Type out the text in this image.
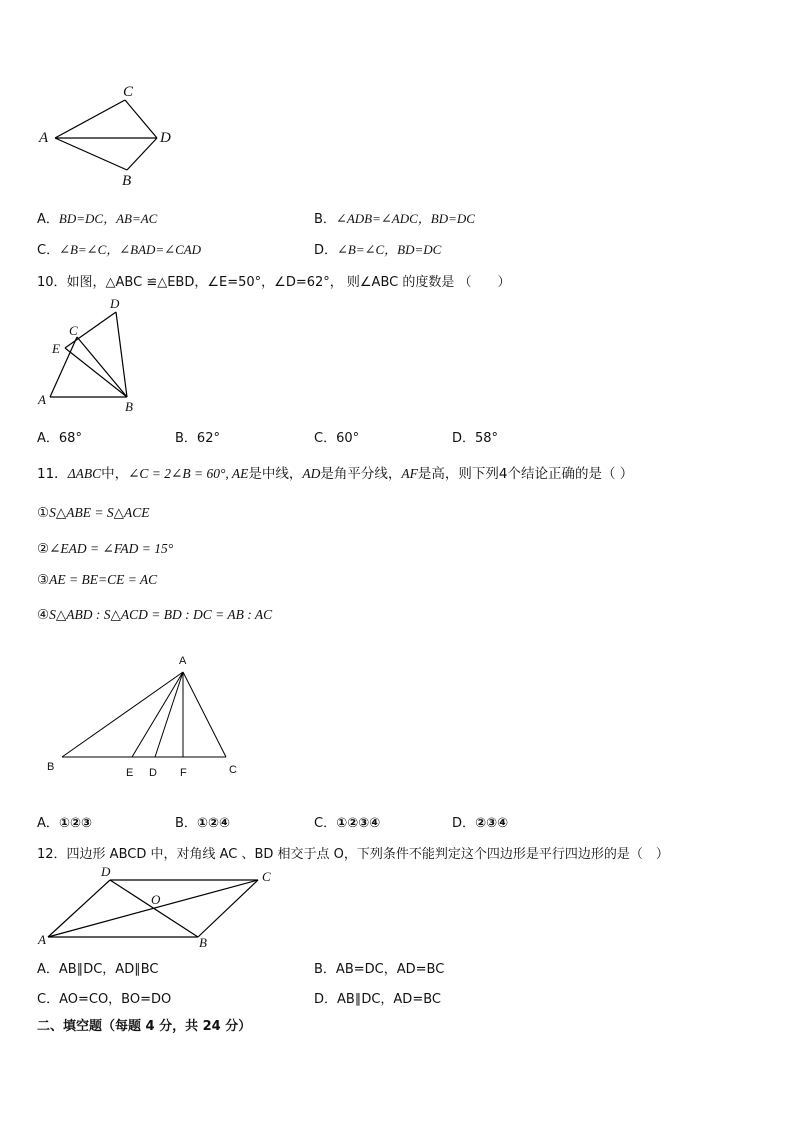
C
A	D
B
A．BD=DC，AB=AC	B．∠ADB=∠ADC，BD=DC
C．∠B=∠C，∠BAD=∠CAD	D．∠B=∠C，BD=DC
10．如图，△ABC ≌△EBD，∠E=50°，∠D=62°， 则∠ABC 的度数是 （　　）
D
C
E
A	B
A．68°	B．62°	C．60°	D．58°
11．ΔABC中，∠C = 2∠B = 60°, AE是中线，AD是角平分线，AF是高，则下列4个结论正确的是（ ）
①S△ABE = S△ACE
②∠EAD = ∠FAD = 15°
③AE = BE=CE = AC
④S△ABD : S△ACD = BD : DC = AB : AC
A
B	E D F	C
A．①②③	B．①②④	C．①②③④	D．②③④
12．四边形 ABCD 中，对角线 AC 、BD 相交于点 O，下列条件不能判定这个四边形是平行四边形的是（　）
D	C
O
A	B
A．AB∥DC，AD∥BC	B．AB=DC，AD=BC
C．AO=CO，BO=DO	D．AB∥DC，AD=BC
二、填空题（每题 4 分，共 24 分）
